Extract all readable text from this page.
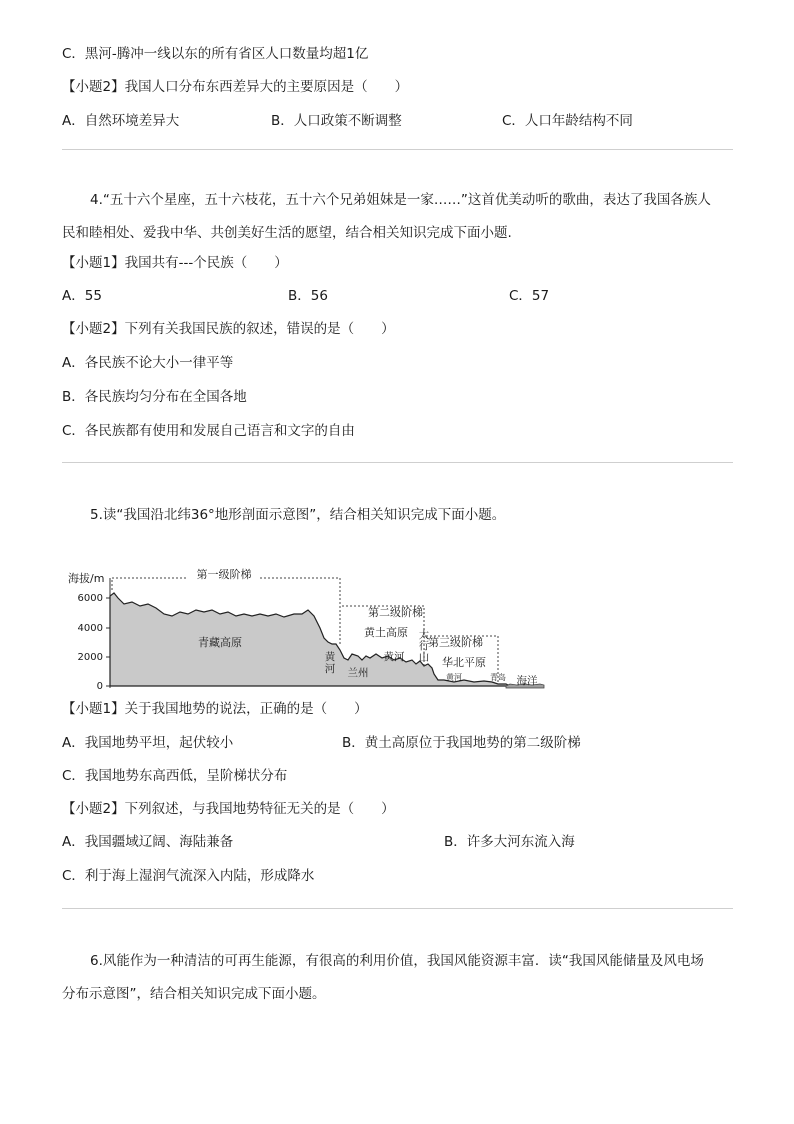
C．黑河-腾冲一线以东的所有省区人口数量均超1亿
【小题2】我国人口分布东西差异大的主要原因是（　　）
A．自然环境差异大	B．人口政策不断调整	C．人口年龄结构不同
4.“五十六个星座，五十六枝花，五十六个兄弟姐妹是一家……”这首优美动听的歌曲，表达了我国各族人
民和睦相处、爱我中华、共创美好生活的愿望，结合相关知识完成下面小题.
【小题1】我国共有---个民族（　　）
A．55	B．56	C．57
【小题2】下列有关我国民族的叙述，错误的是（　　）
A．各民族不论大小一律平等
B．各民族均匀分布在全国各地
C．各民族都有使用和发展自己语言和文字的自由
5.读“我国沿北纬36°地形剖面示意图”，结合相关知识完成下面小题。
海拔/m
6000
4000
2000
0
第一级阶梯
第二级阶梯
第三级阶梯
青藏高原
黄土高原 太
行
山
黄
河 兰州
黄河	华北平原
黄河	青岛 海洋
【小题1】关于我国地势的说法，正确的是（　　）
A．我国地势平坦，起伏较小	B．黄土高原位于我国地势的第二级阶梯
C．我国地势东高西低，呈阶梯状分布
【小题2】下列叙述，与我国地势特征无关的是（　　）
A．我国疆域辽阔、海陆兼备	B．许多大河东流入海
C．利于海上湿润气流深入内陆，形成降水
6.风能作为一种清洁的可再生能源，有很高的利用价值，我国风能资源丰富．读“我国风能储量及风电场
分布示意图”，结合相关知识完成下面小题。
